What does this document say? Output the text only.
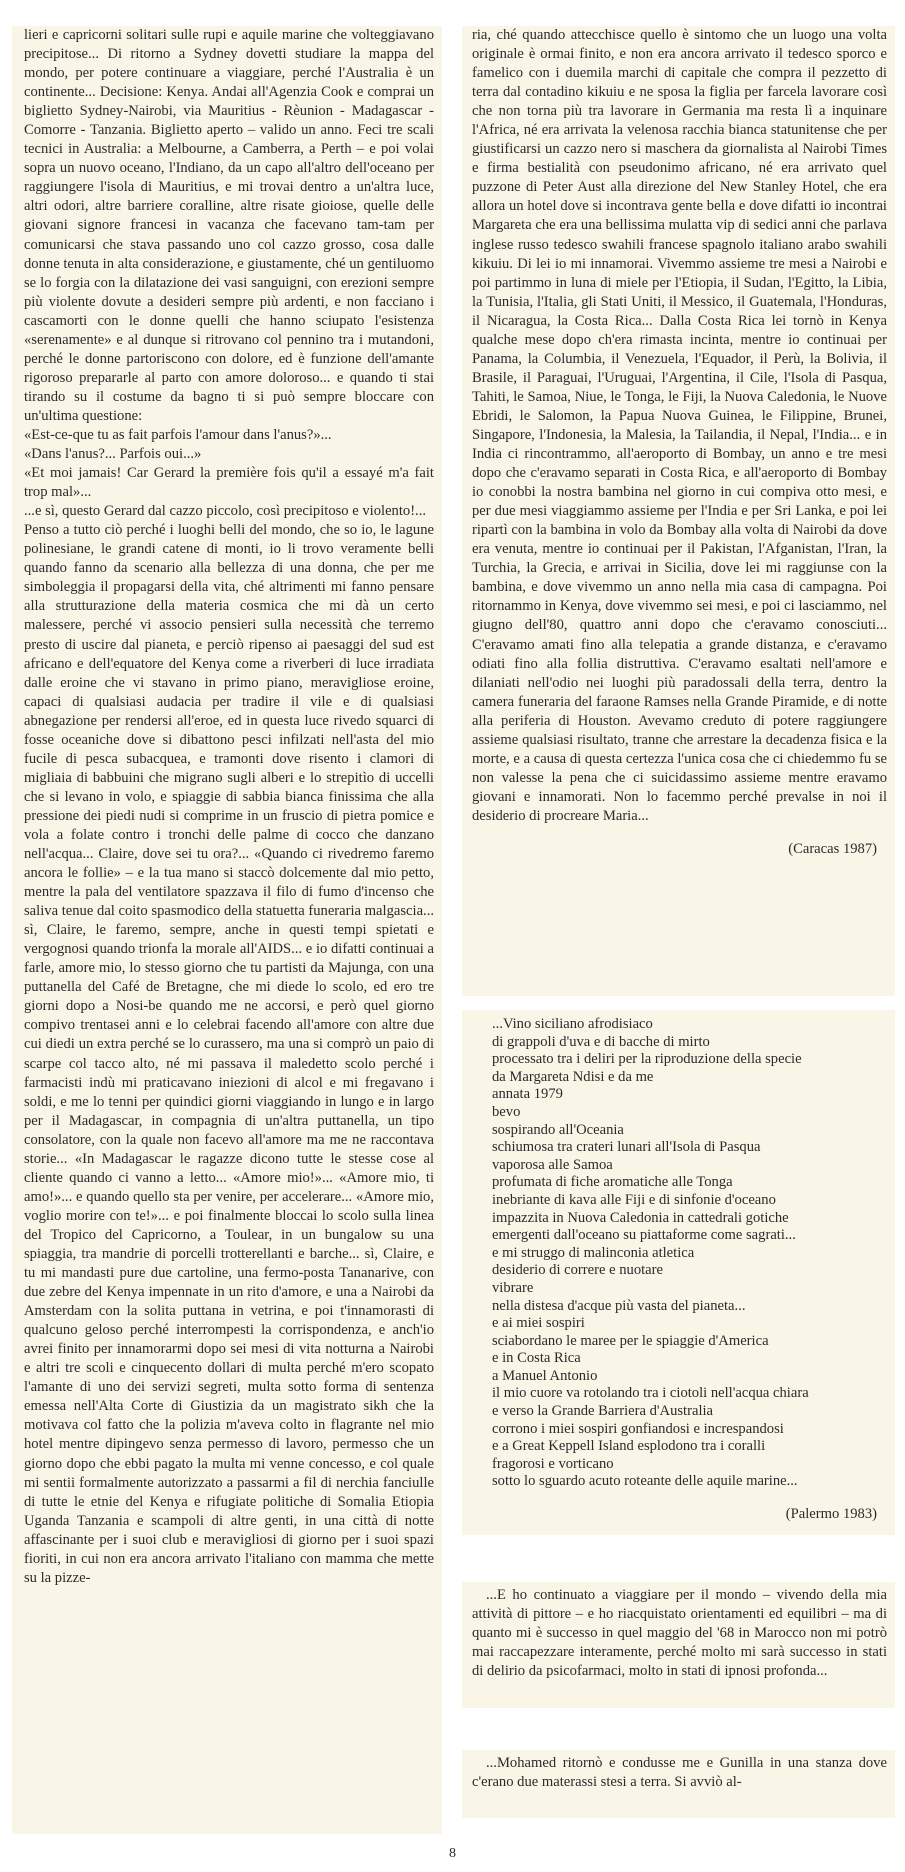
lieri e capricorni solitari sulle rupi e aquile marine che volteggiavano precipitose... Di ritorno a Sydney dovetti studiare la mappa del mondo, per potere continuare a viaggiare, perché l'Australia è un continente... Decisione: Kenya. Andai all'Agenzia Cook e comprai un biglietto Sydney-Nairobi, via Mauritius - Rèunion - Madagascar - Comorre - Tanzania. Biglietto aperto – valido un anno. Feci tre scali tecnici in Australia: a Melbourne, a Camberra, a Perth – e poi volai sopra un nuovo oceano, l'Indiano, da un capo all'altro dell'oceano per raggiungere l'isola di Mauritius, e mi trovai dentro a un'altra luce, altri odori, altre barriere coralline, altre risate gioiose, quelle delle giovani signore francesi in vacanza che facevano tam-tam per comunicarsi che stava passando uno col cazzo grosso, cosa dalle donne tenuta in alta considerazione, e giustamente, ché un gentiluomo se lo forgia con la dilatazione dei vasi sanguigni, con erezioni sempre più violente dovute a desideri sempre più ardenti, e non facciano i cascamorti con le donne quelli che hanno sciupato l'esistenza «serenamente» e al dunque si ritrovano col pennino tra i mutandoni, perché le donne partoriscono con dolore, ed è funzione dell'amante rigoroso prepararle al parto con amore doloroso... e quando ti stai tirando su il costume da bagno ti si può sempre bloccare con un'ultima questione:
«Est-ce-que tu as fait parfois l'amour dans l'anus?»...
«Dans l'anus?... Parfois oui...»
«Et moi jamais! Car Gerard la première fois qu'il a essayé m'a fait trop mal»...
...e sì, questo Gerard dal cazzo piccolo, così precipitoso e violento!...
Penso a tutto ciò perché i luoghi belli del mondo, che so io, le lagune polinesiane, le grandi catene di monti, io li trovo veramente belli quando fanno da scenario alla bellezza di una donna, che per me simboleggia il propagarsi della vita, ché altrimenti mi fanno pensare alla strutturazione della materia cosmica che mi dà un certo malessere, perché vi associo pensieri sulla necessità che terremo presto di uscire dal pianeta, e perciò ripenso ai paesaggi del sud est africano e dell'equatore del Kenya come a riverberi di luce irradiata dalle eroine che vi stavano in primo piano, meravigliose eroine, capaci di qualsiasi audacia per tradire il vile e di qualsiasi abnegazione per rendersi all'eroe, ed in questa luce rivedo squarci di fosse oceaniche dove si dibattono pesci infilzati nell'asta del mio fucile di pesca subacquea, e tramonti dove risento i clamori di migliaia di babbuini che migrano sugli alberi e lo strepitìo di uccelli che si levano in volo, e spiaggie di sabbia bianca finissima che alla pressione dei piedi nudi si comprime in un fruscio di pietra pomice e vola a folate contro i tronchi delle palme di cocco che danzano nell'acqua... Claire, dove sei tu ora?... «Quando ci rivedremo faremo ancora le follie» – e la tua mano si staccò dolcemente dal mio petto, mentre la pala del ventilatore spazzava il filo di fumo d'incenso che saliva tenue dal coito spasmodico della statuetta funeraria malgascia... sì, Claire, le faremo, sempre, anche in questi tempi spietati e vergognosi quando trionfa la morale all'AIDS... e io difatti continuai a farle, amore mio, lo stesso giorno che tu partisti da Majunga, con una puttanella del Café de Bretagne, che mi diede lo scolo, ed ero tre giorni dopo a Nosi-be quando me ne accorsi, e però quel giorno compivo trentasei anni e lo celebrai facendo all'amore con altre due cui diedi un extra perché se lo curassero, ma una si comprò un paio di scarpe col tacco alto, né mi passava il maledetto scolo perché i farmacisti indù mi praticavano iniezioni di alcol e mi fregavano i soldi, e me lo tenni per quindici giorni viaggiando in lungo e in largo per il Madagascar, in compagnia di un'altra puttanella, un tipo consolatore, con la quale non facevo all'amore ma me ne raccontava storie... «In Madagascar le ragazze dicono tutte le stesse cose al cliente quando ci vanno a letto... «Amore mio!»... «Amore mio, ti amo!»... e quando quello sta per venire, per accelerare... «Amore mio, voglio morire con te!»... e poi finalmente bloccai lo scolo sulla linea del Tropico del Capricorno, a Toulear, in un bungalow su una spiaggia, tra mandrie di porcelli trotterellanti e barche... sì, Claire, e tu mi mandasti pure due cartoline, una fermo-posta Tananarive, con due zebre del Kenya impennate in un rito d'amore, e una a Nairobi da Amsterdam con la solita puttana in vetrina, e poi t'innamorasti di qualcuno geloso perché interrompesti la corrispondenza, e anch'io avrei finito per innamorarmi dopo sei mesi di vita notturna a Nairobi e altri tre scoli e cinquecento dollari di multa perché m'ero scopato l'amante di uno dei servizi segreti, multa sotto forma di sentenza emessa nell'Alta Corte di Giustizia da un magistrato sikh che la motivava col fatto che la polizia m'aveva colto in flagrante nel mio hotel mentre dipingevo senza permesso di lavoro, permesso che un giorno dopo che ebbi pagato la multa mi venne concesso, e col quale mi sentii formalmente autorizzato a passarmi a fil di nerchia fanciulle di tutte le etnie del Kenya e rifugiate politiche di Somalia Etiopia Uganda Tanzania e scampoli di altre genti, in una città di notte affascinante per i suoi club e meravigliosi di giorno per i suoi spazi fioriti, in cui non era ancora arrivato l'italiano con mamma che mette su la pizze-

ria, ché quando attecchisce quello è sintomo che un luogo una volta originale è ormai finito, e non era ancora arrivato il tedesco sporco e famelico con i duemila marchi di capitale che compra il pezzetto di terra dal contadino kikuiu e ne sposa la figlia per farcela lavorare così che non torna più tra lavorare in Germania ma resta lì a inquinare l'Africa, né era arrivata la velenosa racchia bianca statunitense che per giustificarsi un cazzo nero si maschera da giornalista al Nairobi Times e firma bestialità con pseudonimo africano, né era arrivato quel puzzone di Peter Aust alla direzione del New Stanley Hotel, che era allora un hotel dove si incontrava gente bella e dove difatti io incontrai Margareta che era una bellissima mulatta vip di sedici anni che parlava inglese russo tedesco swahili francese spagnolo italiano arabo swahili kikuiu. Di lei io mi innamorai. Vivemmo assieme tre mesi a Nairobi e poi partimmo in luna di miele per l'Etiopia, il Sudan, l'Egitto, la Libia, la Tunisia, l'Italia, gli Stati Uniti, il Messico, il Guatemala, l'Honduras, il Nicaragua, la Costa Rica... Dalla Costa Rica lei tornò in Kenya qualche mese dopo ch'era rimasta incinta, mentre io continuai per Panama, la Columbia, il Venezuela, l'Equador, il Perù, la Bolivia, il Brasile, il Paraguai, l'Uruguai, l'Argentina, il Cile, l'Isola di Pasqua, Tahiti, le Samoa, Niue, le Tonga, le Fiji, la Nuova Caledonia, le Nuove Ebridi, le Salomon, la Papua Nuova Guinea, le Filippine, Brunei, Singapore, l'Indonesia, la Malesia, la Tailandia, il Nepal, l'India... e in India ci rincontrammo, all'aeroporto di Bombay, un anno e tre mesi dopo che c'eravamo separati in Costa Rica, e all'aeroporto di Bombay io conobbi la nostra bambina nel giorno in cui compiva otto mesi, e per due mesi viaggiammo assieme per l'India e per Sri Lanka, e poi lei ripartì con la bambina in volo da Bombay alla volta di Nairobi da dove era venuta, mentre io continuai per il Pakistan, l'Afganistan, l'Iran, la Turchia, la Grecia, e arrivai in Sicilia, dove lei mi raggiunse con la bambina, e dove vivemmo un anno nella mia casa di campagna. Poi ritornammo in Kenya, dove vivemmo sei mesi, e poi ci lasciammo, nel giugno dell'80, quattro anni dopo che c'eravamo conosciuti... C'eravamo amati fino alla telepatia a grande distanza, e c'eravamo odiati fino alla follia distruttiva. C'eravamo esaltati nell'amore e dilaniati nell'odio nei luoghi più paradossali della terra, dentro la camera funeraria del faraone Ramses nella Grande Piramide, e di notte alla periferia di Houston. Avevamo creduto di potere raggiungere assieme qualsiasi risultato, tranne che arrestare la decadenza fisica e la morte, e a causa di questa certezza l'unica cosa che ci chiedemmo fu se non valesse la pena che ci suicidassimo assieme mentre eravamo giovani e innamorati. Non lo facemmo perché prevalse in noi il desiderio di procreare Maria...

(Caracas 1987)

...Vino siciliano afrodisiaco
di grappoli d'uva e di bacche di mirto
processato tra i deliri per la riproduzione della specie
da Margareta Ndisi e da me
annata 1979
bevo
sospirando all'Oceania
schiumosa tra crateri lunari all'Isola di Pasqua
vaporosa alle Samoa
profumata di fiche aromatiche alle Tonga
inebriante di kava alle Fiji e di sinfonie d'oceano
impazzita in Nuova Caledonia in cattedrali gotiche
emergenti dall'oceano su piattaforme come sagrati...
e mi struggo di malinconia atletica
desiderio di correre e nuotare
vibrare
nella distesa d'acque più vasta del pianeta...
e ai miei sospiri
sciabordano le maree per le spiaggie d'America
e in Costa Rica
a Manuel Antonio
il mio cuore va rotolando tra i ciotoli nell'acqua chiara
e verso la Grande Barriera d'Australia
corrono i miei sospiri gonfiandosi e increspandosi
e a Great Keppell Island esplodono tra i coralli
fragorosi e vorticano
sotto lo sguardo acuto roteante delle aquile marine...

(Palermo 1983)

...E ho continuato a viaggiare per il mondo – vivendo della mia attività di pittore – e ho riacquistato orientamenti ed equilibri – ma di quanto mi è successo in quel maggio del '68 in Marocco non mi potrò mai raccapezzare interamente, perché molto mi sarà successo in stati di delirio da psicofarmaci, molto in stati di ipnosi profonda...

...Mohamed ritornò e condusse me e Gunilla in una stanza dove c'erano due materassi stesi a terra. Si avviò al-

8
